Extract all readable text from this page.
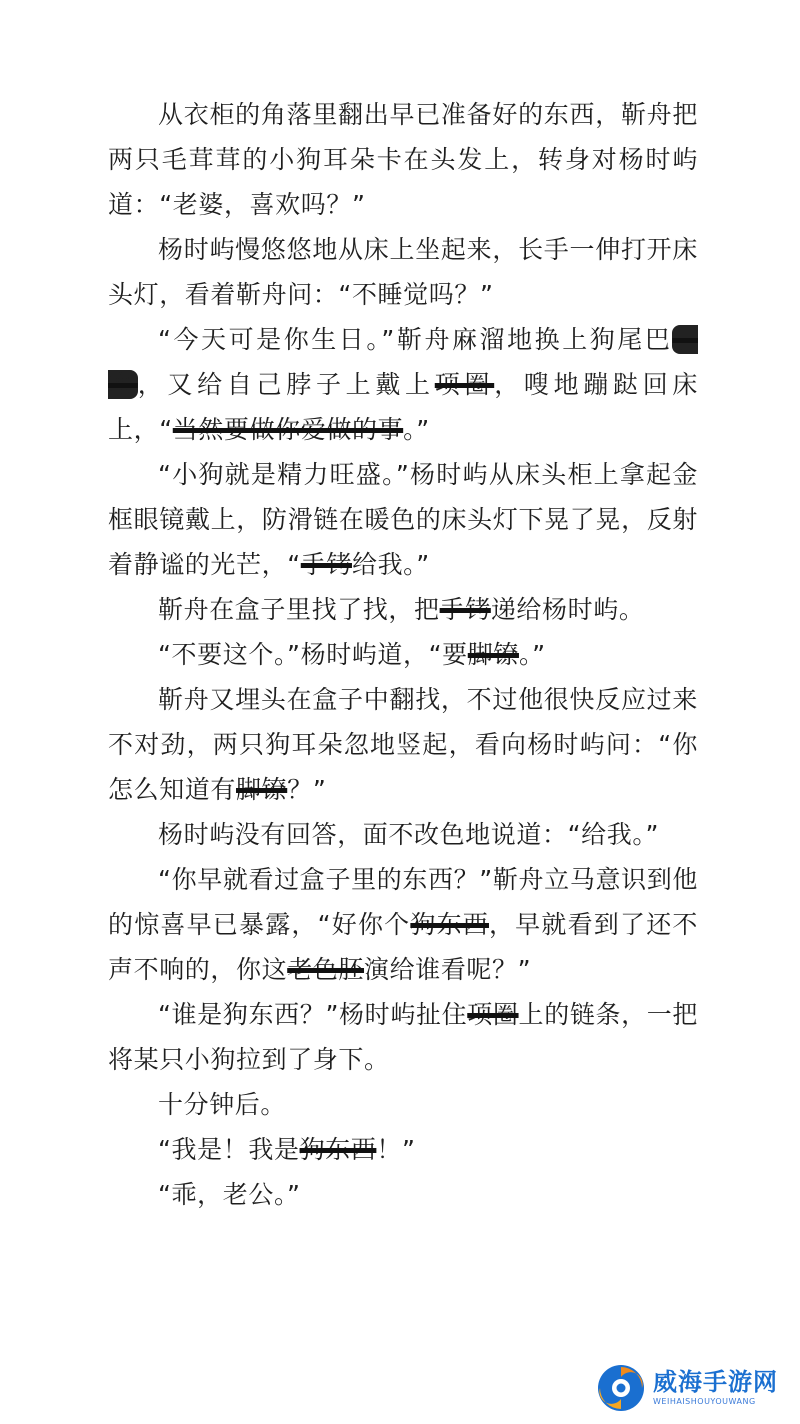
从衣柜的角落里翻出早已准备好的东西，靳舟把两只毛茸茸的小狗耳朵卡在头发上，转身对杨时屿道：“老婆，喜欢吗？”

杨时屿慢悠悠地从床上坐起来，长手一伸打开床头灯，看着靳舟问：“不睡觉吗？”

“今天可是你生日。”靳舟麻溜地换上狗尾巴肛塞，又给自己脖子上戴上项圈，嗖地蹦跶回床上，“当然要做你爱做的事。”

“小狗就是精力旺盛。”杨时屿从床头柜上拿起金框眼镜戴上，防滑链在暖色的床头灯下晃了晃，反射着静谧的光芒，“手铐给我。”

靳舟在盒子里找了找，把手铐递给杨时屿。

“不要这个。”杨时屿道，“要脚镣。”

靳舟又埋头在盒子中翻找，不过他很快反应过来不对劲，两只狗耳朵忽地竖起，看向杨时屿问：“你怎么知道有脚镣？”

杨时屿没有回答，面不改色地说道：“给我。”

“你早就看过盒子里的东西？”靳舟立马意识到他的惊喜早已暴露，“好你个狗东西，早就看到了还不声不响的，你这老色胚演给谁看呢？”

“谁是狗东西？”杨时屿扯住项圈上的链条，一把将某只小狗拉到了身下。

十分钟后。

“我是！我是狗东西！”

“乖，老公。”

威海手游网
WEIHAISHOUYOUWANG
